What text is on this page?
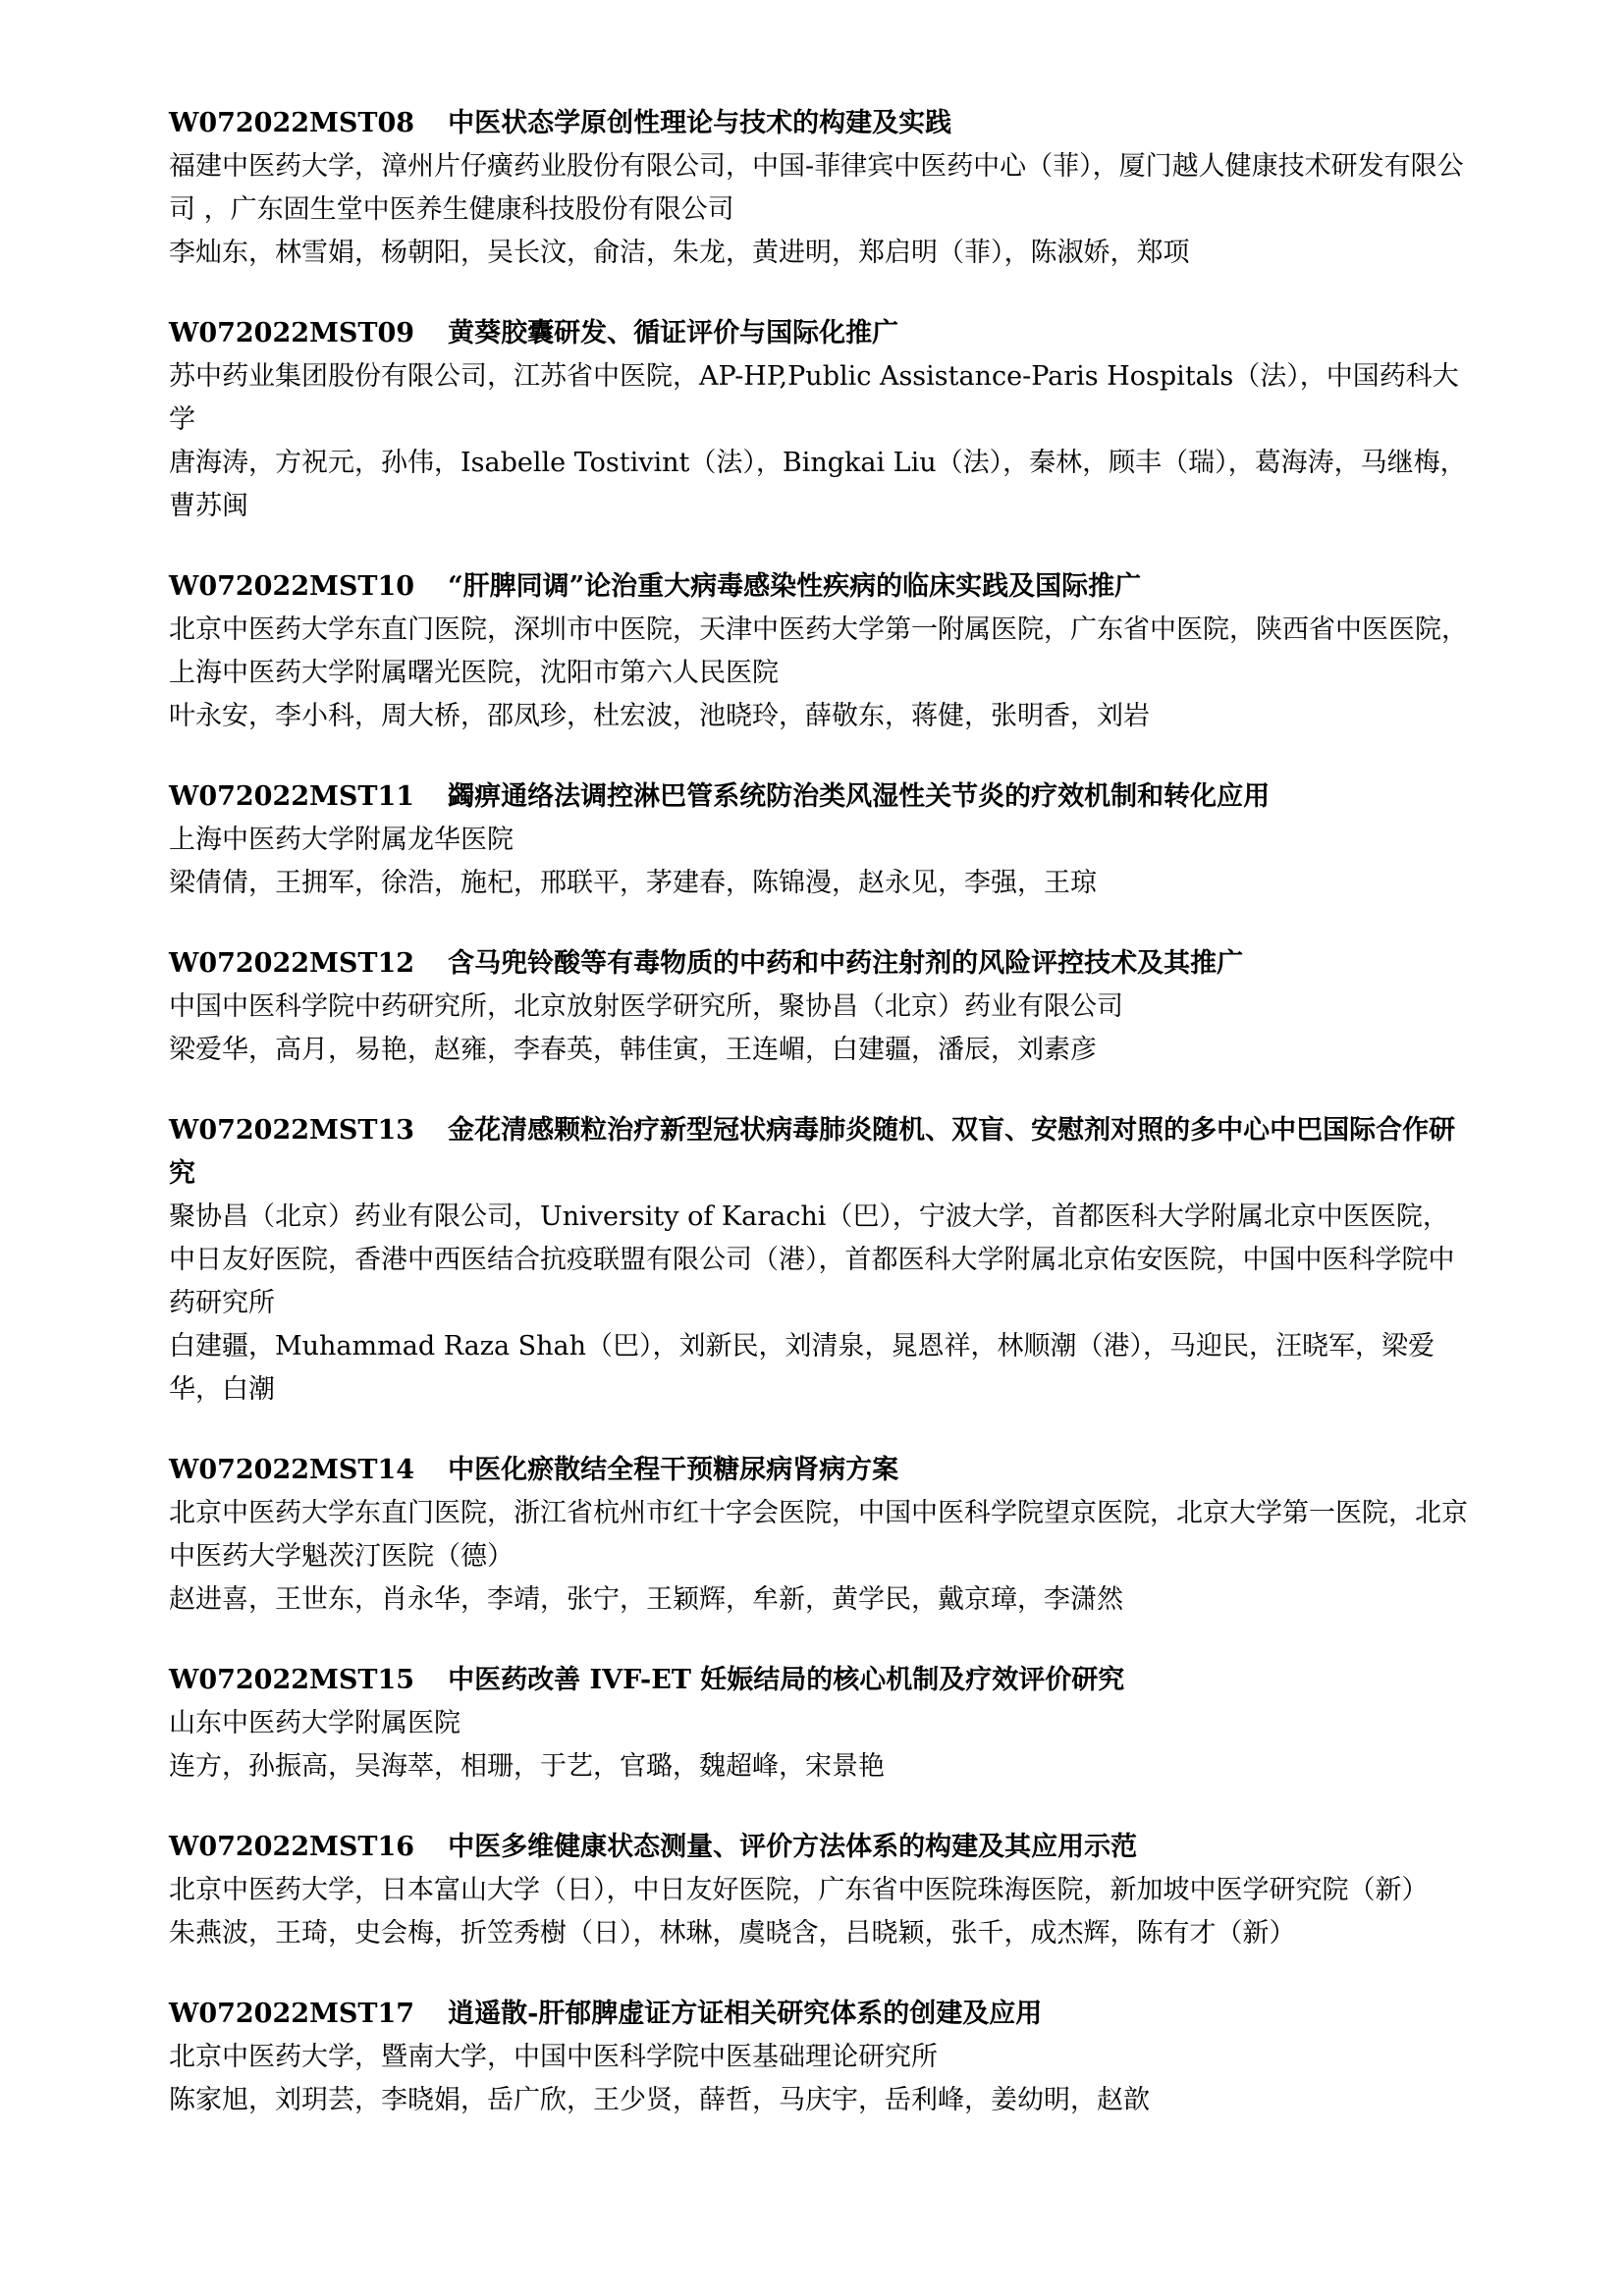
W072022MST08 中医状态学原创性理论与技术的构建及实践
福建中医药大学，漳州片仔癀药业股份有限公司，中国-菲律宾中医药中心（菲），厦门越人健康技术研发有限公司 ，广东固生堂中医养生健康科技股份有限公司
李灿东，林雪娟，杨朝阳，吴长汶，俞洁，朱龙，黄进明，郑启明（菲），陈淑娇，郑项
W072022MST09 黄葵胶囊研发、循证评价与国际化推广
苏中药业集团股份有限公司，江苏省中医院，AP-HP,Public Assistance-Paris Hospitals（法），中国药科大学
唐海涛，方祝元，孙伟，Isabelle Tostivint（法），Bingkai Liu（法），秦林，顾丰（瑞），葛海涛，马继梅，曹苏闽
W072022MST10 “肝脾同调”论治重大病毒感染性疾病的临床实践及国际推广
北京中医药大学东直门医院，深圳市中医院，天津中医药大学第一附属医院，广东省中医院，陕西省中医医院，上海中医药大学附属曙光医院，沈阳市第六人民医院
叶永安，李小科，周大桥，邵凤珍，杜宏波，池晓玲，薛敬东，蒋健，张明香，刘岩
W072022MST11 蠲痹通络法调控淋巴管系统防治类风湿性关节炎的疗效机制和转化应用
上海中医药大学附属龙华医院
梁倩倩，王拥军，徐浩，施杞，邢联平，茅建春，陈锦漫，赵永见，李强，王琼
W072022MST12 含马兜铃酸等有毒物质的中药和中药注射剂的风险评控技术及其推广
中国中医科学院中药研究所，北京放射医学研究所，聚协昌（北京）药业有限公司
梁爱华，高月，易艳，赵雍，李春英，韩佳寅，王连嵋，白建疆，潘辰，刘素彦
W072022MST13 金花清感颗粒治疗新型冠状病毒肺炎随机、双盲、安慰剂对照的多中心中巴国际合作研究
聚协昌（北京）药业有限公司，University of Karachi（巴），宁波大学，首都医科大学附属北京中医医院，中日友好医院，香港中西医结合抗疫联盟有限公司（港），首都医科大学附属北京佑安医院，中国中医科学院中药研究所
白建疆，Muhammad Raza Shah（巴），刘新民，刘清泉，晁恩祥，林顺潮（港），马迎民，汪晓军，梁爱华，白潮
W072022MST14 中医化瘀散结全程干预糖尿病肾病方案
北京中医药大学东直门医院，浙江省杭州市红十字会医院，中国中医科学院望京医院，北京大学第一医院，北京中医药大学魁茨汀医院（德）
赵进喜，王世东，肖永华，李靖，张宁，王颖辉，牟新，黄学民，戴京璋，李潇然
W072022MST15 中医药改善 IVF-ET 妊娠结局的核心机制及疗效评价研究
山东中医药大学附属医院
连方，孙振高，吴海萃，相珊，于艺，官璐，魏超峰，宋景艳
W072022MST16 中医多维健康状态测量、评价方法体系的构建及其应用示范
北京中医药大学，日本富山大学（日），中日友好医院，广东省中医院珠海医院，新加坡中医学研究院（新）
朱燕波，王琦，史会梅，折笠秀樹（日），林琳，虞晓含，吕晓颖，张千，成杰辉，陈有才（新）
W072022MST17 逍遥散-肝郁脾虚证方证相关研究体系的创建及应用
北京中医药大学，暨南大学，中国中医科学院中医基础理论研究所
陈家旭，刘玥芸，李晓娟，岳广欣，王少贤，薛哲，马庆宇，岳利峰，姜幼明，赵歆
